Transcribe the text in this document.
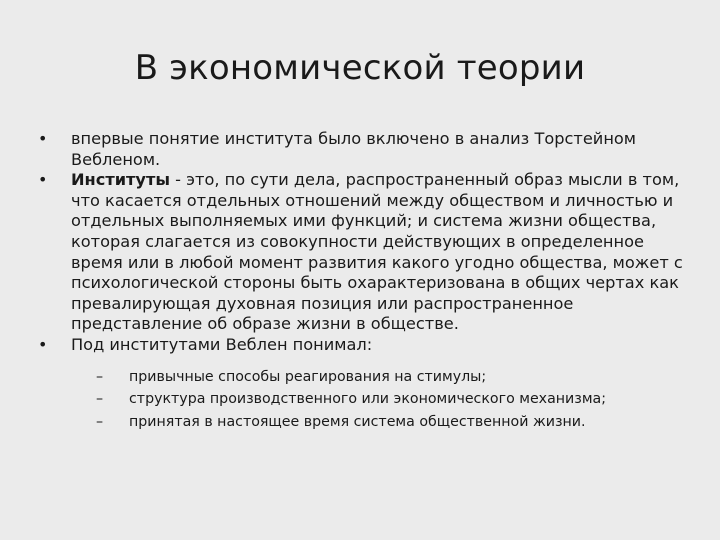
В экономической теории
•	впервые понятие института было включено в анализ Торстейном Вебленом.
•	Институты - это, по сути дела, распространенный образ мысли в том, что касается отдельных отношений между обществом и личностью и отдельных выполняемых ими функций; и система жизни общества, которая слагается из совокупности действующих в определенное время или в любой момент развития какого угодно общества, может с психологической стороны быть охарактеризована в общих чертах как превалирующая духовная позиция или распространенное представление об образе жизни в обществе.
•	Под институтами Веблен понимал:
–	привычные способы реагирования на стимулы;
–	структура производственного или экономического механизма;
–	принятая в настоящее время система общественной жизни.
